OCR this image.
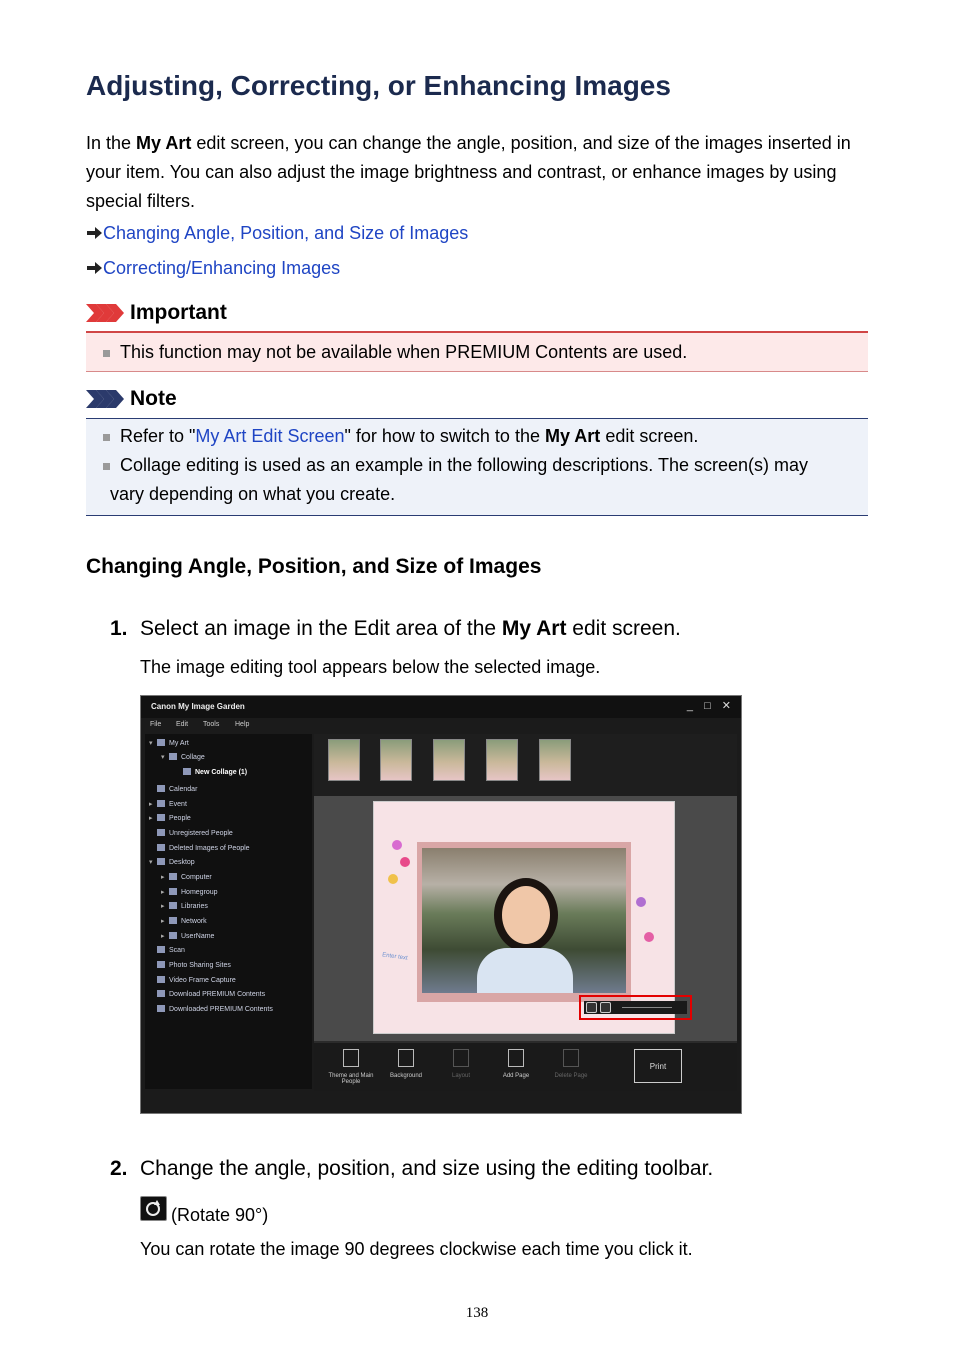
Adjusting, Correcting, or Enhancing Images
In the My Art edit screen, you can change the angle, position, and size of the images inserted in your item. You can also adjust the image brightness and contrast, or enhance images by using special filters.
Changing Angle, Position, and Size of Images
Correcting/Enhancing Images
Important
This function may not be available when PREMIUM Contents are used.
Note
Refer to "My Art Edit Screen" for how to switch to the My Art edit screen.
Collage editing is used as an example in the following descriptions. The screen(s) may
vary depending on what you create.
Changing Angle, Position, and Size of Images
1. Select an image in the Edit area of the My Art edit screen.
The image editing tool appears below the selected image.
Canon My Image Garden	_ □ ✕
File Edit Tools Help
▾ My Art
▾ Collage
New Collage (1)
Calendar
▸ Event
▸ People
Unregistered People
Deleted Images of People
▾ Desktop
▸ Computer
▸ Homegroup
▸ Libraries
▸ Network
▸ UserName
Scan
Photo Sharing Sites
Video Frame Capture
Download PREMIUM Contents
Downloaded PREMIUM Contents
Enter text
Theme and Main People
Background	Layout	Add Page	Delete Page
Print
2. Change the angle, position, and size using the editing toolbar.
(Rotate 90°)
You can rotate the image 90 degrees clockwise each time you click it.
138
